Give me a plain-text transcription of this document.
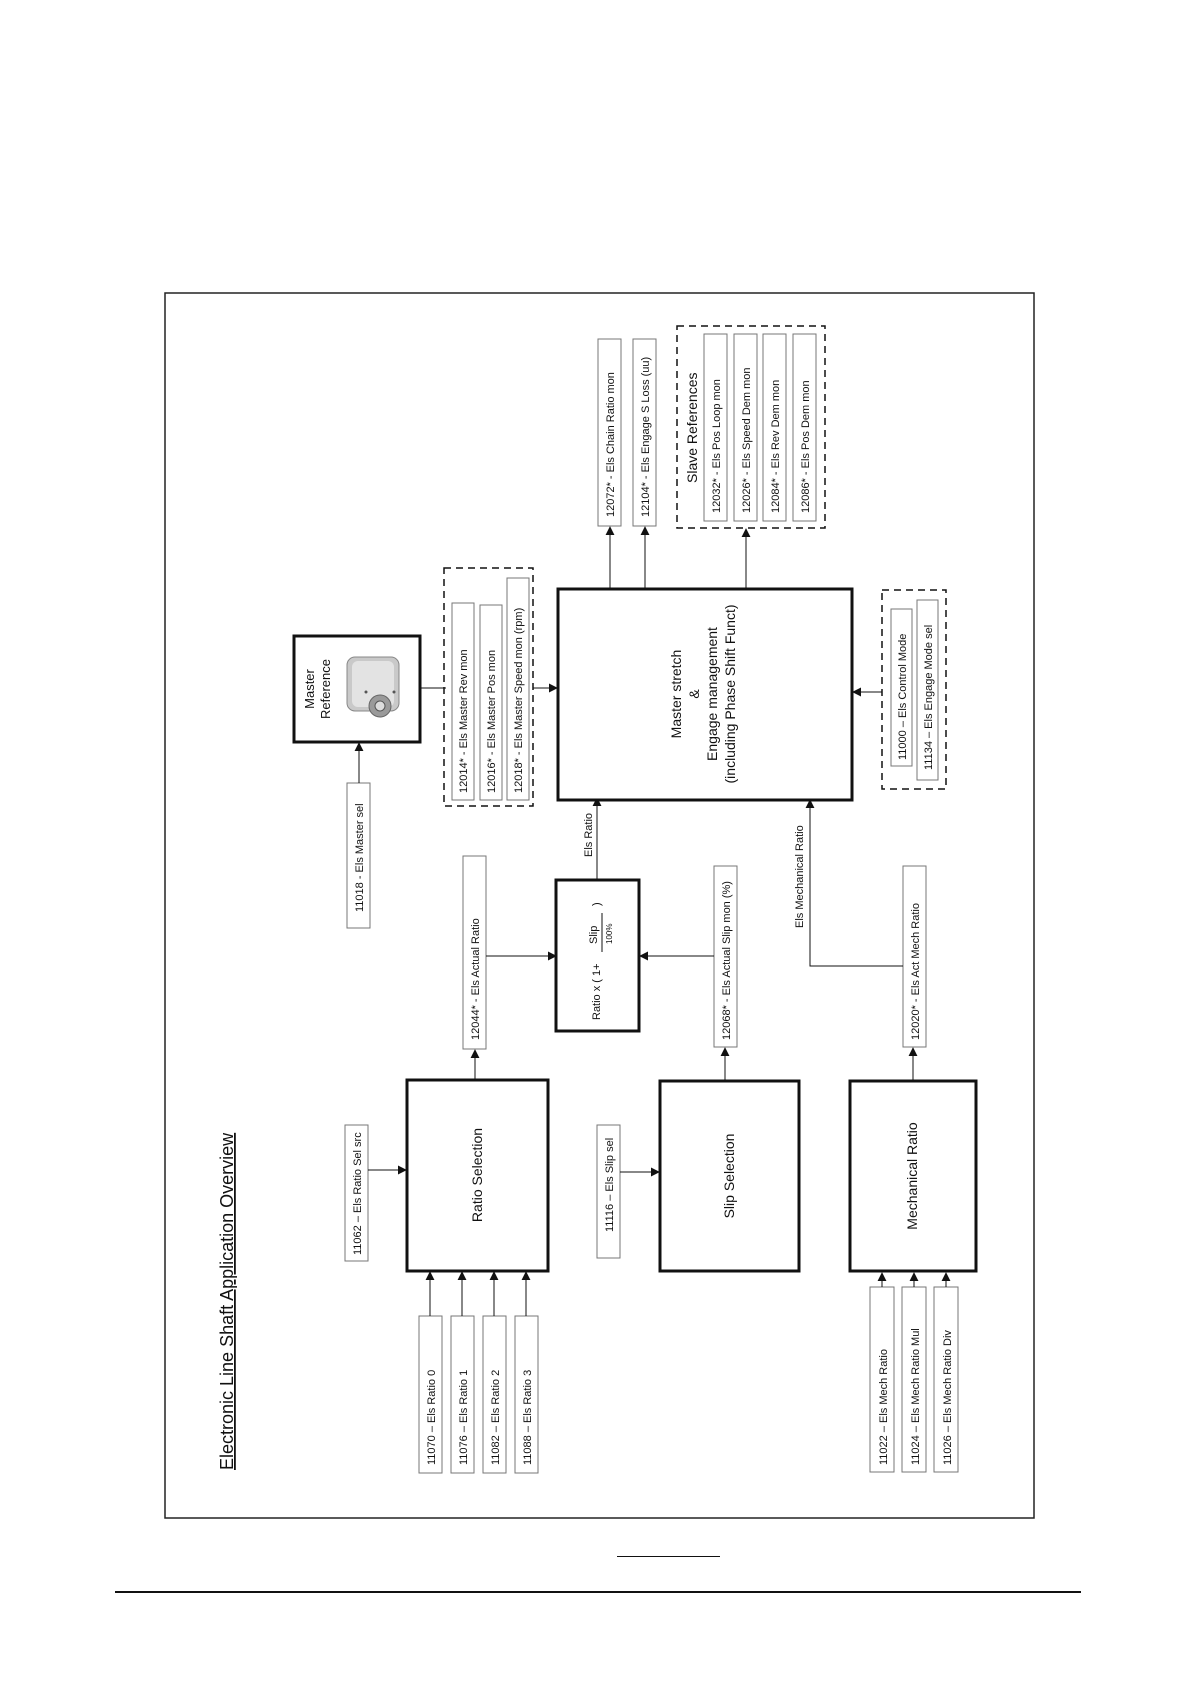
Electronic Line Shaft Application Overview	11070 – Els Ratio 0 11076 – Els Ratio 1 11082 – Els Ratio 2 11088 – Els Ratio 3
Ratio Selection
11062 – Els Ratio Sel src	11116 – Els Slip sel	Slip Selection	Mechanical Ratio
11022 – Els Mech Ratio 11024 – Els Mech Ratio Mul 11026 – Els Mech Ratio Div
12044* - Els Actual Ratio	12068* - Els Actual Slip mon (%)	12020* - Els Act Mech Ratio
Ratio x ( 1+
Slip 100%
)
Els Ratio	Els Mechanical Ratio
Master stretch & Engage management (including Phase Shift Funct)
11018 - Els Master sel
Master Reference	12014* - Els Master Rev mon 12016* - Els Master Pos mon 12018* - Els Master Speed mon (rpm)	11000 – Els Control Mode 11134 – Els Engage Mode sel
12072* - Els Chain Ratio mon 12104* - Els Engage S Loss (uu) Slave References 12032* - Els Pos Loop mon 12026* - Els Speed Dem mon 12084* - Els Rev Dem mon 12086* - Els Pos Dem mon
